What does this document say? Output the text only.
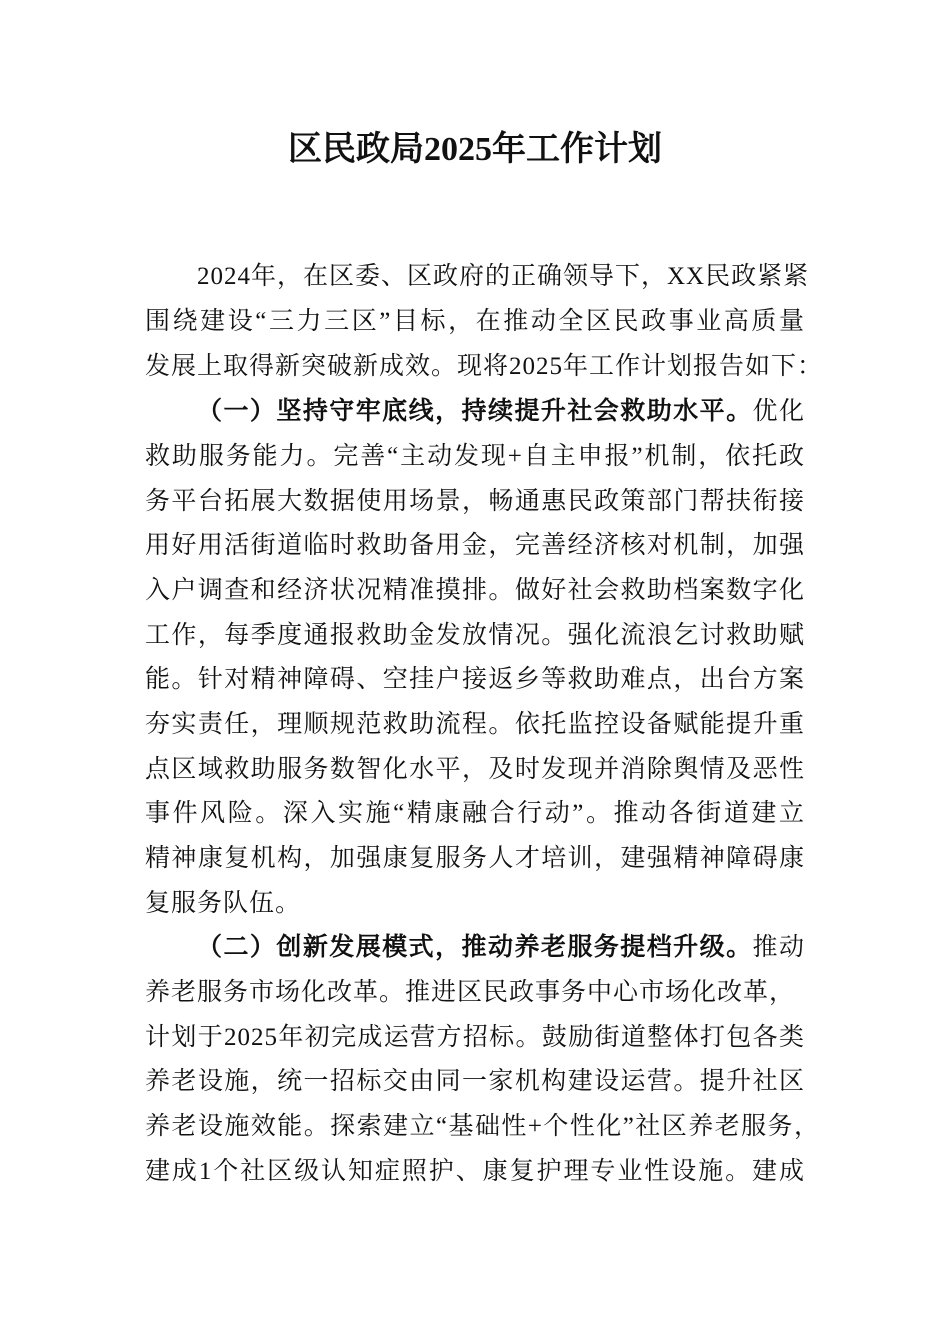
区民政局2025年工作计划
2024年，在区委、区政府的正确领导下，XX民政紧紧
围绕建设“三力三区”目标，在推动全区民政事业高质量
发展上取得新突破新成效。现将2025年工作计划报告如下：
（一）坚持守牢底线，持续提升社会救助水平。优化
救助服务能力。完善“主动发现+自主申报”机制，依托政
务平台拓展大数据使用场景，畅通惠民政策部门帮扶衔接
用好用活街道临时救助备用金，完善经济核对机制，加强
入户调查和经济状况精准摸排。做好社会救助档案数字化
工作，每季度通报救助金发放情况。强化流浪乞讨救助赋
能。针对精神障碍、空挂户接返乡等救助难点，出台方案
夯实责任，理顺规范救助流程。依托监控设备赋能提升重
点区域救助服务数智化水平，及时发现并消除舆情及恶性
事件风险。深入实施“精康融合行动”。推动各街道建立
精神康复机构，加强康复服务人才培训，建强精神障碍康
复服务队伍。
（二）创新发展模式，推动养老服务提档升级。推动
养老服务市场化改革。推进区民政事务中心市场化改革，
计划于2025年初完成运营方招标。鼓励街道整体打包各类
养老设施，统一招标交由同一家机构建设运营。提升社区
养老设施效能。探索建立“基础性+个性化”社区养老服务，
建成1个社区级认知症照护、康复护理专业性设施。建成
